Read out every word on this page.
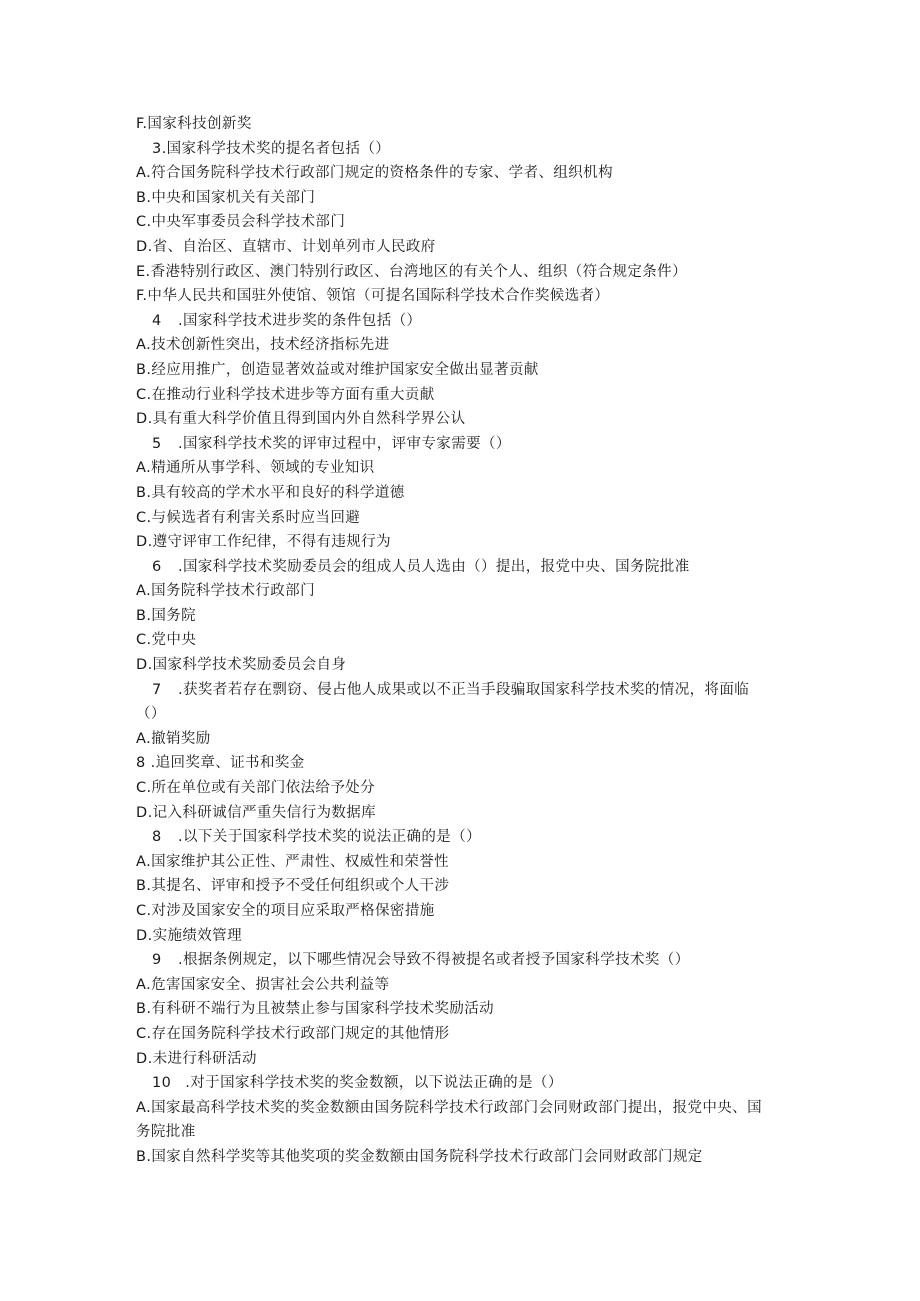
F.国家科技创新奖
3.国家科学技术奖的提名者包括（）
A.符合国务院科学技术行政部门规定的资格条件的专家、学者、组织机构
B.中央和国家机关有关部门
C.中央军事委员会科学技术部门
D.省、自治区、直辖市、计划单列市人民政府
E.香港特别行政区、澳门特别行政区、台湾地区的有关个人、组织（符合规定条件）
F.中华人民共和国驻外使馆、领馆（可提名国际科学技术合作奖候选者）
4 .国家科学技术进步奖的条件包括（）
A.技术创新性突出，技术经济指标先进
B.经应用推广，创造显著效益或对维护国家安全做出显著贡献
C.在推动行业科学技术进步等方面有重大贡献
D.具有重大科学价值且得到国内外自然科学界公认
5 .国家科学技术奖的评审过程中，评审专家需要（）
A.精通所从事学科、领域的专业知识
B.具有较高的学术水平和良好的科学道德
C.与候选者有利害关系时应当回避
D.遵守评审工作纪律，不得有违规行为
6 .国家科学技术奖励委员会的组成人员人选由（）提出，报党中央、国务院批准
A.国务院科学技术行政部门
B.国务院
C.党中央
D.国家科学技术奖励委员会自身
7 .获奖者若存在剽窃、侵占他人成果或以不正当手段骗取国家科学技术奖的情况，将面临
（）
A.撤销奖励
8 .追回奖章、证书和奖金
C.所在单位或有关部门依法给予处分
D.记入科研诚信严重失信行为数据库
8 .以下关于国家科学技术奖的说法正确的是（）
A.国家维护其公正性、严肃性、权威性和荣誉性
B.其提名、评审和授予不受任何组织或个人干涉
C.对涉及国家安全的项目应采取严格保密措施
D.实施绩效管理
9 .根据条例规定，以下哪些情况会导致不得被提名或者授予国家科学技术奖（）
A.危害国家安全、损害社会公共利益等
B.有科研不端行为且被禁止参与国家科学技术奖励活动
C.存在国务院科学技术行政部门规定的其他情形
D.未进行科研活动
10 .对于国家科学技术奖的奖金数额，以下说法正确的是（）
A.国家最高科学技术奖的奖金数额由国务院科学技术行政部门会同财政部门提出，报党中央、国
务院批准
B.国家自然科学奖等其他奖项的奖金数额由国务院科学技术行政部门会同财政部门规定
